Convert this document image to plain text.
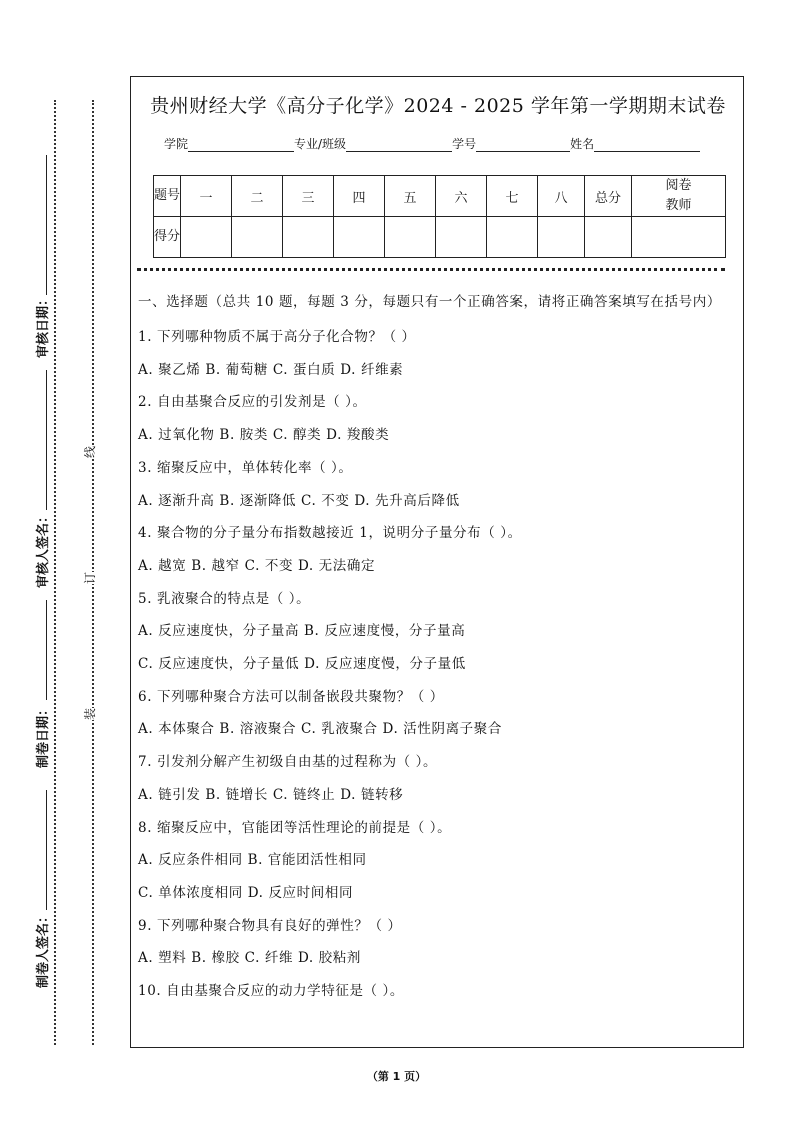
审核日期：
审核人签名：
制卷日期：
制卷人签名：
线
订
装
贵州财经大学《高分子化学》2024 - 2025 学年第一学期期末试卷
学院	专业/班级	学号	姓名
题号	一	二	三	四	五	六	七	八	总分	阅卷教师
得分										
一、选择题（总共 10 题，每题 3 分，每题只有一个正确答案，请将正确答案填写在括号内）

1. 下列哪种物质不属于高分子化合物？（ ）

A. 聚乙烯 B. 葡萄糖 C. 蛋白质 D. 纤维素

2. 自由基聚合反应的引发剂是（ ）。

A. 过氧化物 B. 胺类 C. 醇类 D. 羧酸类

3. 缩聚反应中，单体转化率（ ）。

A. 逐渐升高 B. 逐渐降低 C. 不变 D. 先升高后降低

4. 聚合物的分子量分布指数越接近 1，说明分子量分布（ ）。

A. 越宽 B. 越窄 C. 不变 D. 无法确定

5. 乳液聚合的特点是（ ）。

A. 反应速度快，分子量高 B. 反应速度慢，分子量高

C. 反应速度快，分子量低 D. 反应速度慢，分子量低

6. 下列哪种聚合方法可以制备嵌段共聚物？（ ）

A. 本体聚合 B. 溶液聚合 C. 乳液聚合 D. 活性阴离子聚合

7. 引发剂分解产生初级自由基的过程称为（ ）。

A. 链引发 B. 链增长 C. 链终止 D. 链转移

8. 缩聚反应中，官能团等活性理论的前提是（ ）。

A. 反应条件相同 B. 官能团活性相同

C. 单体浓度相同 D. 反应时间相同

9. 下列哪种聚合物具有良好的弹性？（ ）

A. 塑料 B. 橡胶 C. 纤维 D. 胶粘剂

10. 自由基聚合反应的动力学特征是（ ）。

（第 1 页）
